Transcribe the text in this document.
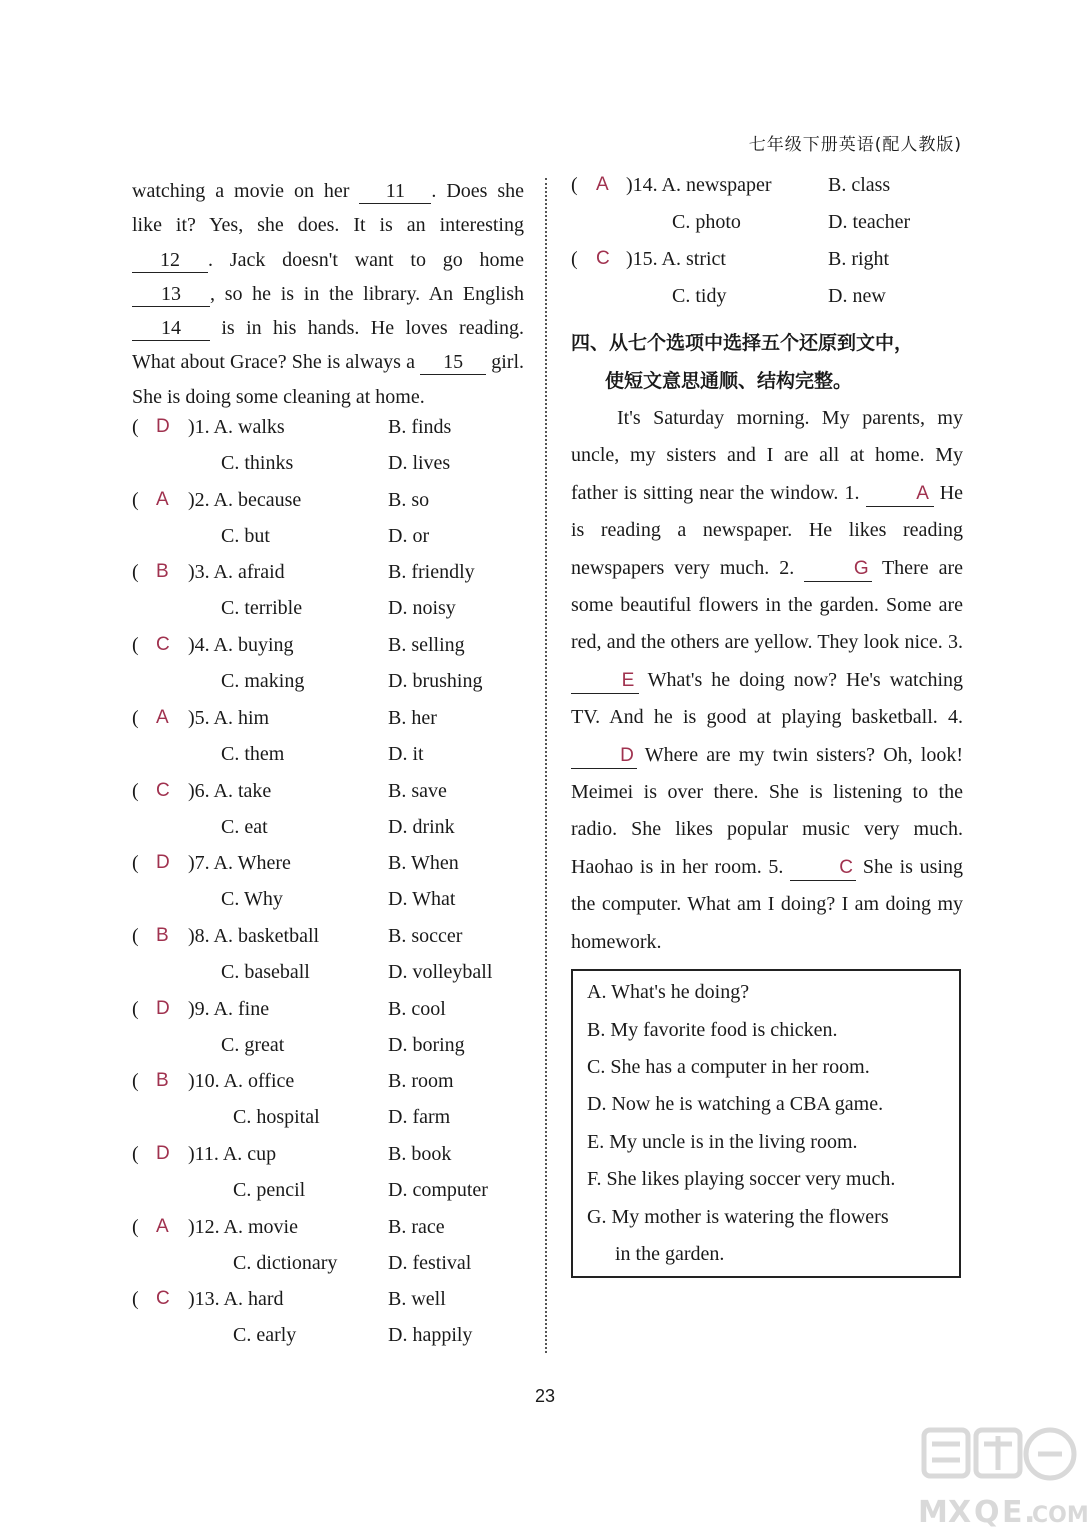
七年级下册英语(配人教版)

watching a movie on her 11 . Does she like it? Yes, she does. It is an interesting 12 . Jack doesn't want to go home 13 , so he is in the library. An English 14 is in his hands. He loves reading. What about Grace? She is always a 15 girl. She is doing some cleaning at home.

( D )1. A. walks	B. finds
C. thinks	D. lives
( A )2. A. because	B. so
C. but	D. or
( B )3. A. afraid	B. friendly
C. terrible	D. noisy
( C )4. A. buying	B. selling
C. making	D. brushing
( A )5. A. him	B. her
C. them	D. it
( C )6. A. take	B. save
C. eat	D. drink
( D )7. A. Where	B. When
C. Why	D. What
( B )8. A. basketball	B. soccer
C. baseball	D. volleyball
( D )9. A. fine	B. cool
C. great	D. boring
( B )10. A. office	B. room
C. hospital	D. farm
( D )11. A. cup	B. book
C. pencil	D. computer
( A )12. A. movie	B. race
C. dictionary	D. festival
( C )13. A. hard	B. well
C. early	D. happily
( A )14. A. newspaper	B. class
C. photo	D. teacher
( C )15. A. strict	B. right
C. tidy	D. new

四、从七个选项中选择五个还原到文中，

使短文意思通顺、结构完整。

It's Saturday morning. My parents, my uncle, my sisters and I are all at home. My father is sitting near the window. 1.	A He is reading a newspaper. He likes reading newspapers very much. 2.	G There are some beautiful flowers in the garden. Some are red, and the others are yellow. They look nice. 3. E What's he doing now? He's watching TV. And he is good at playing basketball. 4. D Where are my twin sisters? Oh, look! Meimei is over there. She is listening to the radio. She likes popular music very much. Haohao is in her room. 5.	C She is using the computer. What am I doing? I am doing my homework.

A. What's he doing?
B. My favorite food is chicken.
C. She has a computer in her room.
D. Now he is watching a CBA game.
E. My uncle is in the living room.
F. She likes playing soccer very much.
G. My mother is watering the flowers
in the garden.
23
M X Q E .
COM
